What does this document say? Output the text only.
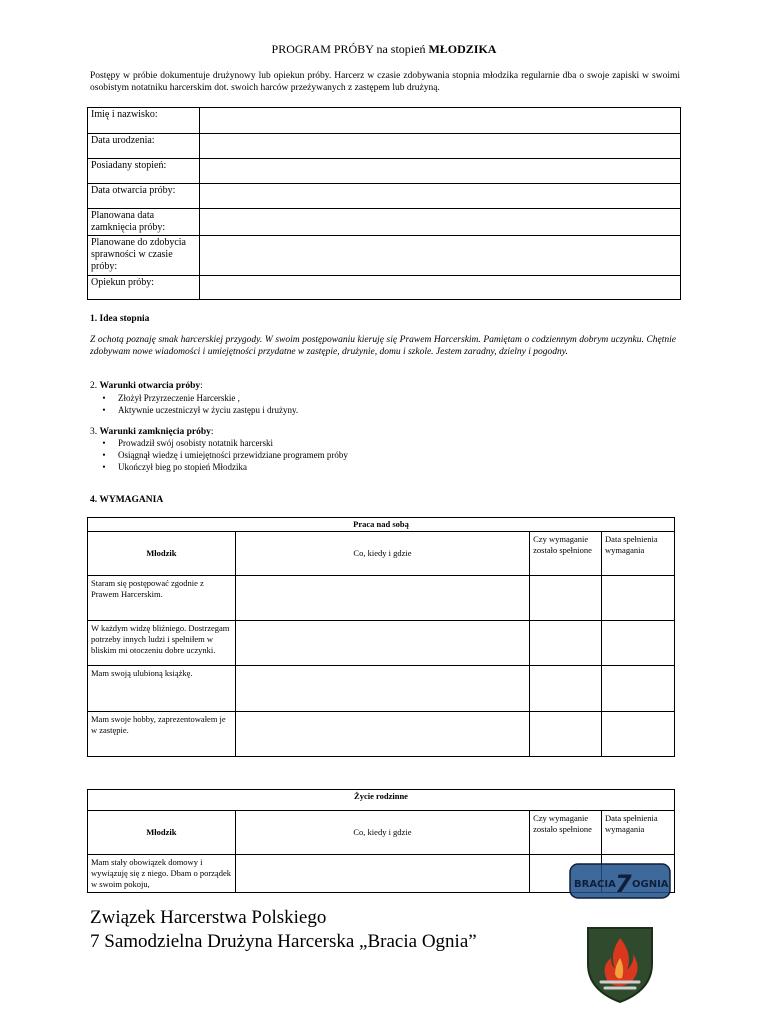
PROGRAM PRÓBY na stopień MŁODZIKA
Postępy w próbie dokumentuje drużynowy lub opiekun próby. Harcerz w czasie zdobywania stopnia młodzika regularnie dba o swoje zapiski w swoimi osobistym notatniku harcerskim dot. swoich harców przeżywanych z zastępem lub drużyną.
Imię i nazwisko:	
Data urodzenia:	
Posiadany stopień:	
Data otwarcia próby:	
Planowana data zamknięcia próby:	
Planowane do zdobycia sprawności w czasie próby:	
Opiekun próby:	
1. Idea stopnia
Z ochotą poznaję smak harcerskiej przygody. W swoim postępowaniu kieruję się Prawem Harcerskim. Pamiętam o codziennym dobrym uczynku. Chętnie zdobywam nowe wiadomości i umiejętności przydatne w zastępie, drużynie, domu i szkole. Jestem zaradny, dzielny i pogodny.
2. Warunki otwarcia próby:
•	Złożył Przyrzeczenie Harcerskie ,
•	Aktywnie uczestniczył w życiu zastępu i drużyny.
3. Warunki zamknięcia próby:
•	Prowadził swój osobisty notatnik harcerski
•	Osiągnął wiedzę i umiejętności przewidziane programem próby
•	Ukończył bieg po stopień Młodzika
4. WYMAGANIA
Praca nad sobą			
Młodzik	Co, kiedy i gdzie	Czy wymaganie zostało spełnione	Data spełnienia wymagania
Staram się postępować zgodnie z Prawem Harcerskim.			
W każdym widzę bliźniego. Dostrzegam potrzeby innych ludzi i spełniłem w bliskim mi otoczeniu dobre uczynki.			
Mam swoją ulubioną książkę.			
Mam swoje hobby, zaprezentowałem je w zastępie.			
Życie rodzinne			
Młodzik	Co, kiedy i gdzie	Czy wymaganie zostało spełnione	Data spełnienia wymagania
Mam stały obowiązek domowy i wywiązuję się z niego. Dbam o porządek w swoim pokoju,				BRACIA 7 OGNIA
Związek Harcerstwa Polskiego
7 Samodzielna Drużyna Harcerska „Bracia Ognia”
